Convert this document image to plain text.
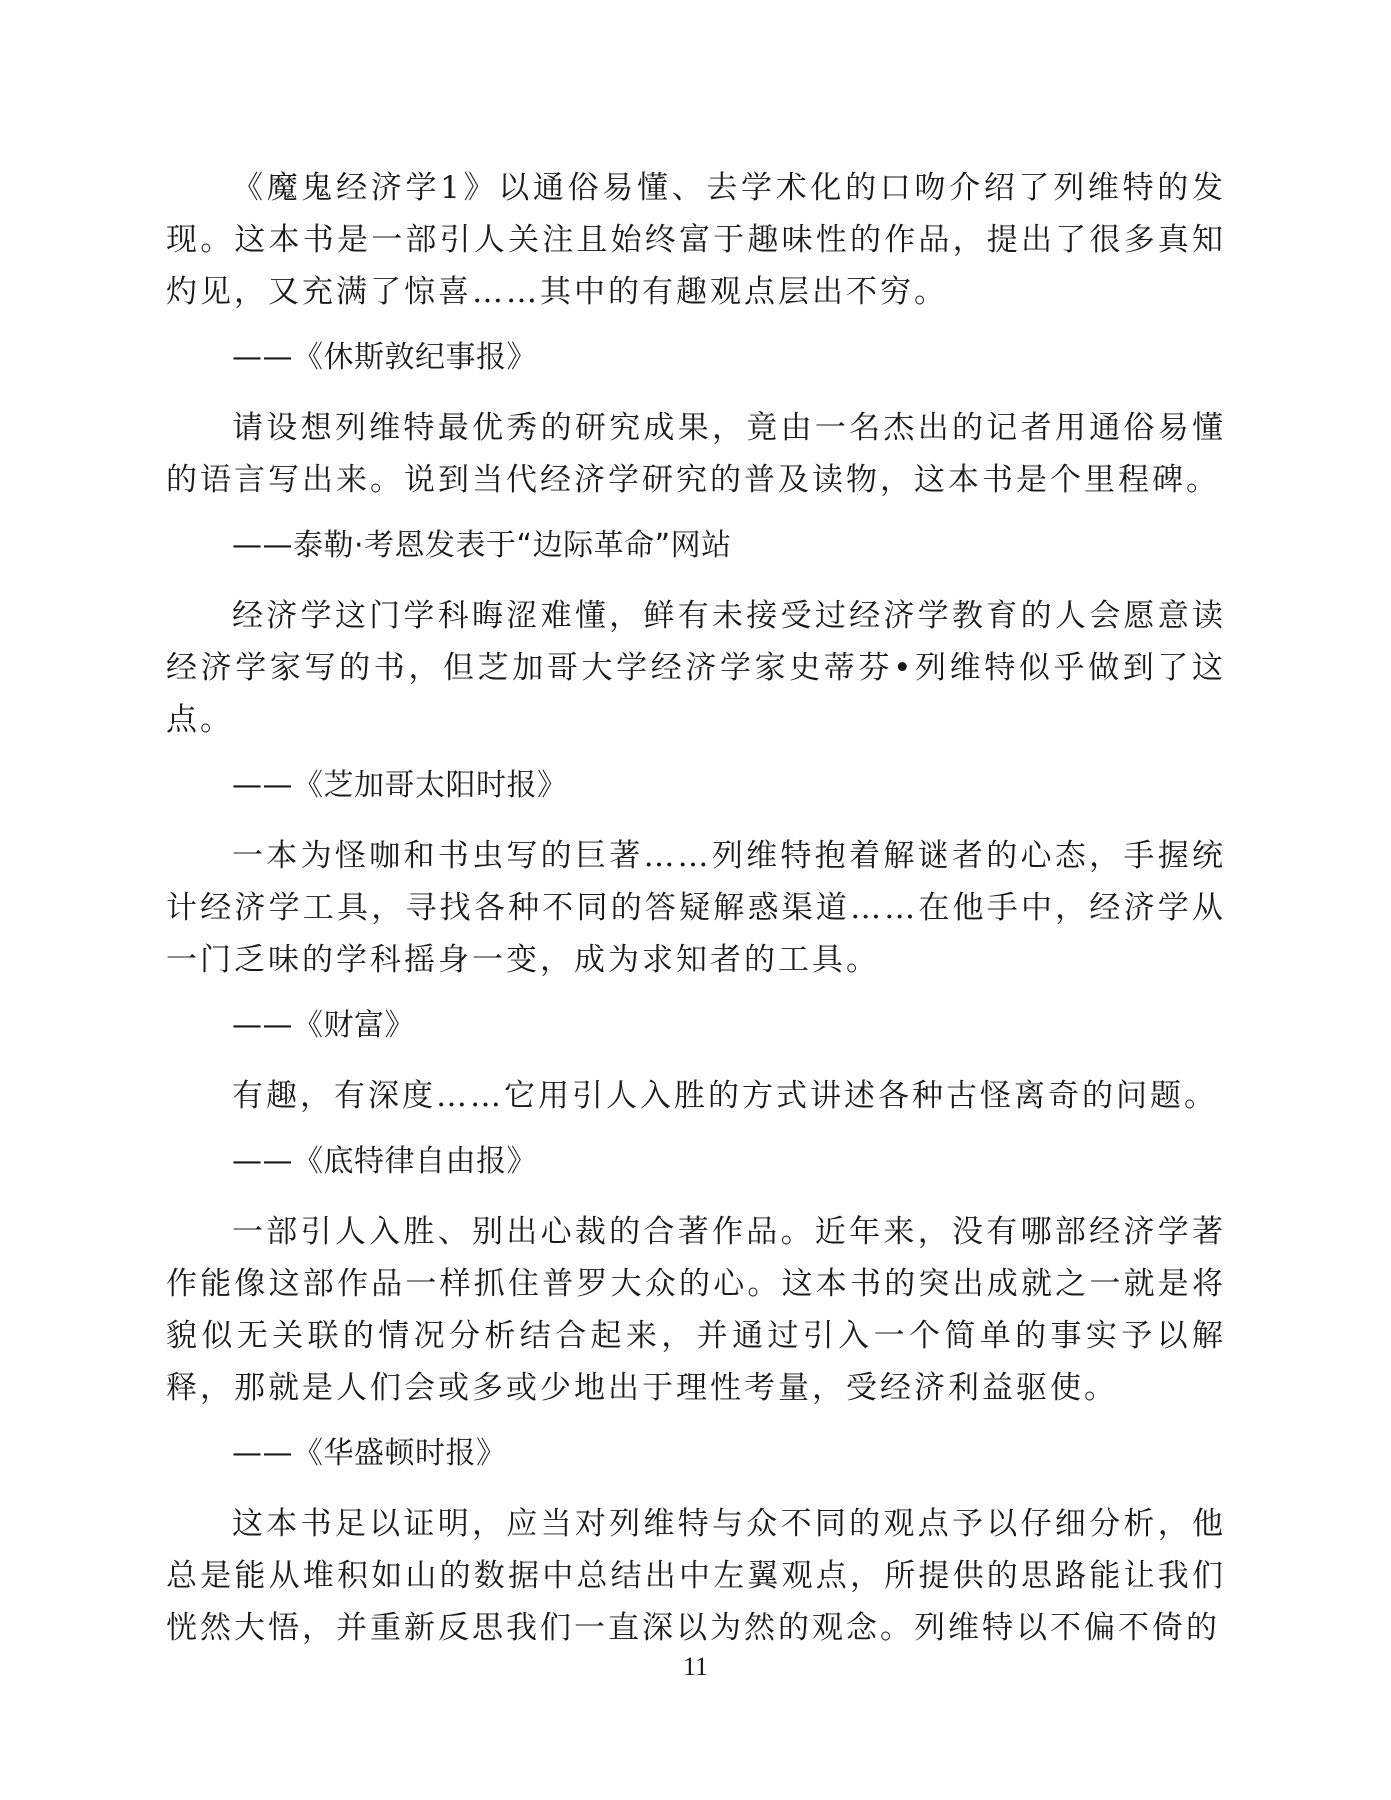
《魔鬼经济学1》以通俗易懂、去学术化的口吻介绍了列维特的发现。这本书是一部引人关注且始终富于趣味性的作品，提出了很多真知灼见，又充满了惊喜……其中的有趣观点层出不穷。

——《休斯敦纪事报》

请设想列维特最优秀的研究成果，竟由一名杰出的记者用通俗易懂的语言写出来。说到当代经济学研究的普及读物，这本书是个里程碑。

——泰勒·考恩发表于“边际革命”网站

经济学这门学科晦涩难懂，鲜有未接受过经济学教育的人会愿意读经济学家写的书，但芝加哥大学经济学家史蒂芬•列维特似乎做到了这点。

——《芝加哥太阳时报》

一本为怪咖和书虫写的巨著……列维特抱着解谜者的心态，手握统计经济学工具，寻找各种不同的答疑解惑渠道……在他手中，经济学从一门乏味的学科摇身一变，成为求知者的工具。

——《财富》

有趣，有深度……它用引人入胜的方式讲述各种古怪离奇的问题。

——《底特律自由报》

一部引人入胜、别出心裁的合著作品。近年来，没有哪部经济学著作能像这部作品一样抓住普罗大众的心。这本书的突出成就之一就是将貌似无关联的情况分析结合起来，并通过引入一个简单的事实予以解释，那就是人们会或多或少地出于理性考量，受经济利益驱使。

——《华盛顿时报》

这本书足以证明，应当对列维特与众不同的观点予以仔细分析，他总是能从堆积如山的数据中总结出中左翼观点，所提供的思路能让我们恍然大悟，并重新反思我们一直深以为然的观念。列维特以不偏不倚的

11
